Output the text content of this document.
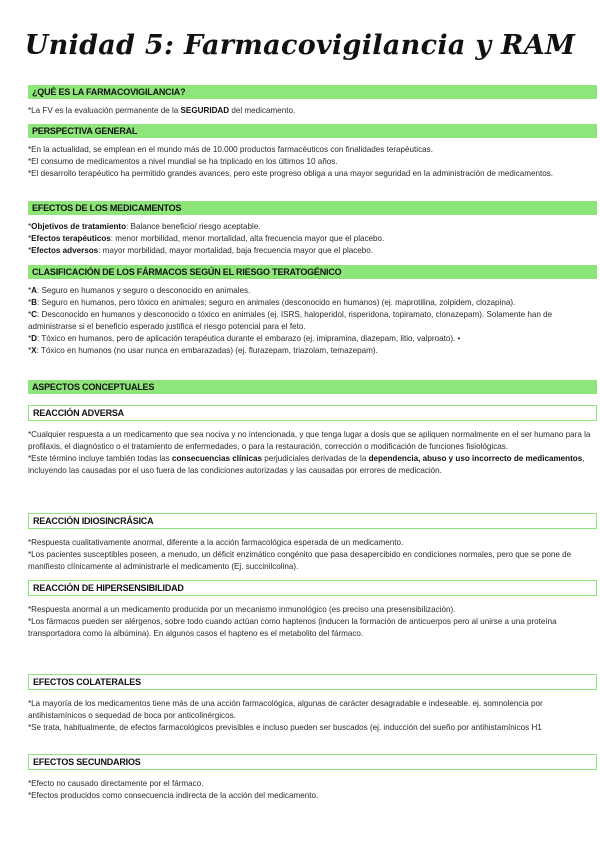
Unidad 5: Farmacovigilancia y RAM
¿QUÉ ES LA FARMACOVIGILANCIA?

*La FV es la evaluación permanente de la SEGURIDAD del medicamento.

PERSPECTIVA GENERAL

*En la actualidad, se emplean en el mundo más de 10.000 productos farmacéuticos con finalidades terapéuticas.

*El consumo de medicamentos a nivel mundial se ha triplicado en los últimos 10 años.

*El desarrollo terapéutico ha permitido grandes avances, pero este progreso obliga a una mayor seguridad en la administración de medicamentos.

EFECTOS DE LOS MEDICAMENTOS

*Objetivos de tratamiento: Balance beneficio/ riesgo aceptable.

*Efectos terapéuticos: menor morbilidad, menor mortalidad, alta frecuencia mayor que el placebo.

*Efectos adversos: mayor morbilidad, mayor mortalidad, baja frecuencia mayor que el placebo.

CLASIFICACIÓN DE LOS FÁRMACOS SEGÚN EL RIESGO TERATOGÉNICO

*A: Seguro en humanos y seguro o desconocido en animales.

*B: Seguro en humanos, pero tóxico en animales; seguro en animales (desconocido en humanos) (ej. maprotilina, zolpidem, clozapina).

*C: Desconocido en humanos y desconocido o tóxico en animales (ej. ISRS, haloperidol, risperidona, topiramato, clonazepam). Solamente han de administrarse si el beneficio esperado justifica el riesgo potencial para el feto.

*D: Tóxico en humanos, pero de aplicación terapéutica durante el embarazo (ej. imipramina, diazepam, litio, valproato). •

*X: Tóxico en humanos (no usar nunca en embarazadas) (ej. flurazepam, triazolam, temazepam).

ASPECTOS CONCEPTUALES
REACCIÓN ADVERSA

*Cualquier respuesta a un medicamento que sea nociva y no intencionada, y que tenga lugar a dosis que se apliquen normalmente en el ser humano para la profilaxis, el diagnóstico o el tratamiento de enfermedades, o para la restauración, corrección o modificación de funciones fisiológicas.

*Este término incluye también todas las consecuencias clínicas perjudiciales derivadas de la dependencia, abuso y uso incorrecto de medicamentos, incluyendo las causadas por el uso fuera de las condiciones autorizadas y las causadas por errores de medicación.

REACCIÓN IDIOSINCRÁSICA

*Respuesta cualitativamente anormal, diferente a la acción farmacológica esperada de un medicamento.

*Los pacientes susceptibles poseen, a menudo, un déficit enzimático congénito que pasa desapercibido en condiciones normales, pero que se pone de manifiesto clínicamente al administrarle el medicamento (Ej. succinilcolina).

REACCIÓN DE HIPERSENSIBILIDAD

*Respuesta anormal a un medicamento producida por un mecanismo inmunológico (es preciso una presensibilización).

*Los fármacos pueden ser alérgenos, sobre todo cuando actúan como haptenos (inducen la formación de anticuerpos pero al unirse a una proteína transportadora como la albúmina). En algunos casos el hapteno es el metabolito del fármaco.

EFECTOS COLATERALES

*La mayoría de los medicamentos tiene más de una acción farmacológica, algunas de carácter desagradable e indeseable. ej. somnolencia por antihistamínicos o sequedad de boca por anticolinérgicos.

*Se trata, habitualmente, de efectos farmacológicos previsibles e incluso pueden ser buscados (ej. inducción del sueño por antihistamínicos H1

EFECTOS SECUNDARIOS

*Efecto no causado directamente por el fármaco.

*Efectos producidos como consecuencia indirecta de la acción del medicamento.
